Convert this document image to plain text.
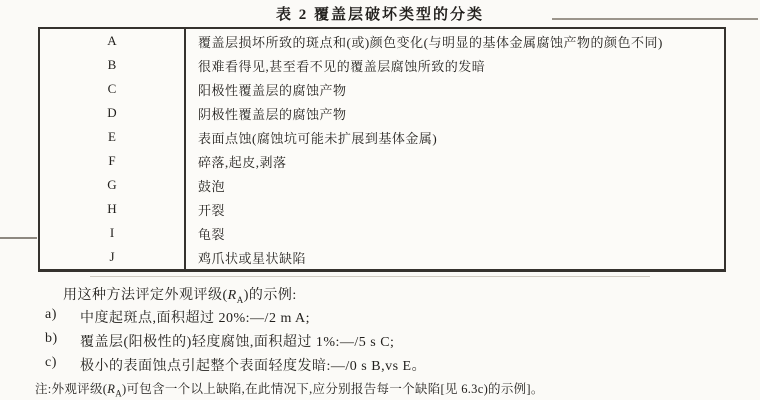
表 2 覆盖层破坏类型的分类
A	覆盖层损坏所致的斑点和(或)颜色变化(与明显的基体金属腐蚀产物的颜色不同)
B	很难看得见,甚至看不见的覆盖层腐蚀所致的发暗
C	阳极性覆盖层的腐蚀产物
D	阴极性覆盖层的腐蚀产物
E	表面点蚀(腐蚀坑可能未扩展到基体金属)
F	碎落,起皮,剥落
G	鼓泡
H	开裂
I	龟裂
J	鸡爪状或星状缺陷
用这种方法评定外观评级$(R_A)$的示例:
a)	中度起斑点,面积超过 20%:—/2 m A;
b)	覆盖层(阳极性的)轻度腐蚀,面积超过 1%:—/5 s C;
c)	极小的表面蚀点引起整个表面轻度发暗:—/0 s B,vs E。
注:外观评级$(R_A)$可包含一个以上缺陷,在此情况下,应分别报告每一个缺陷[见 6.3c)的示例]。
